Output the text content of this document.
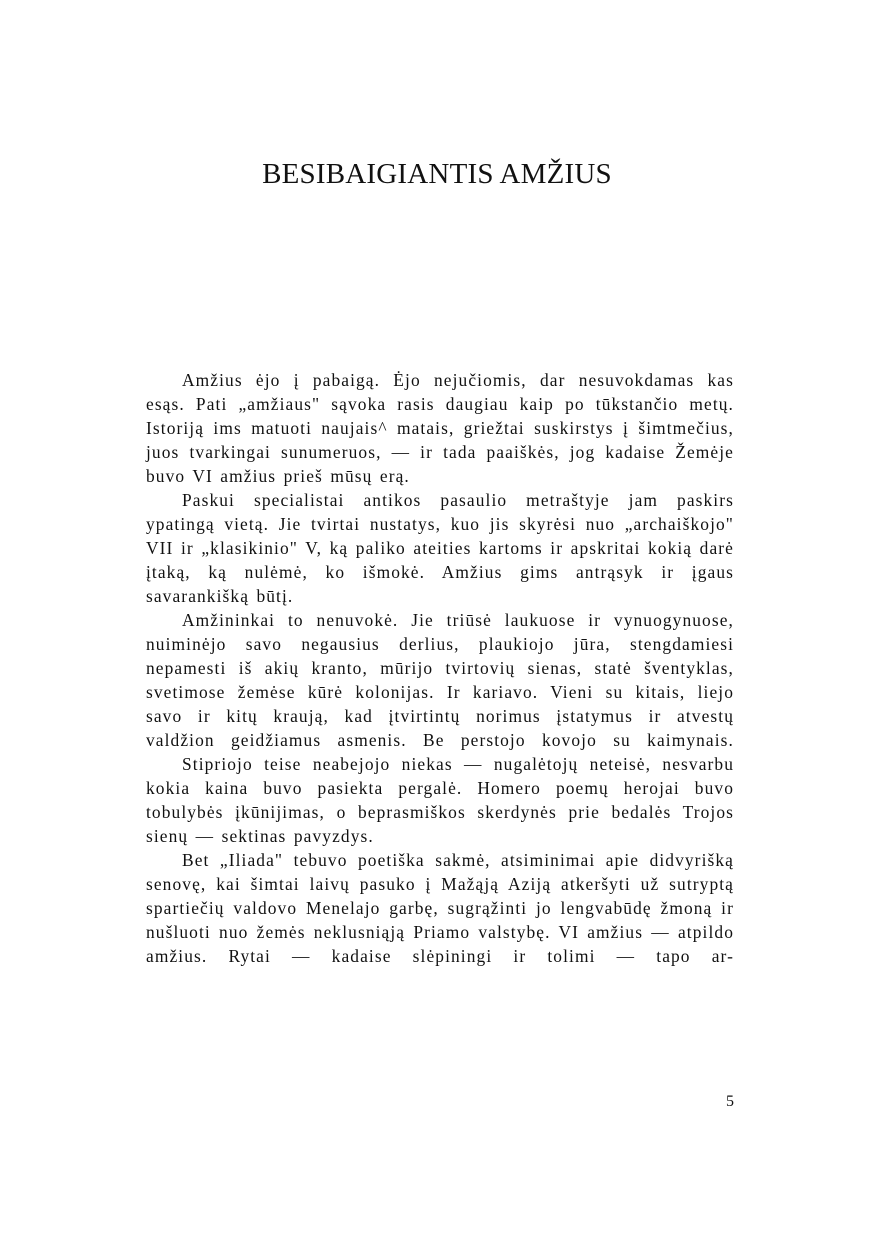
BESIBAIGIANTIS AMŽIUS

Amžius ėjo į pabaigą. Ėjo nejučiomis, dar nesuvokdamas kas esąs. Pati „amžiaus" sąvoka rasis daugiau kaip po tūkstančio metų. Istoriją ims matuoti naujais^ matais, griežtai suskirstys į šimtmečius, juos tvarkingai sunumeruos, — ir tada paaiškės, jog kadaise Žemėje buvo VI amžius prieš mūsų erą.

Paskui specialistai antikos pasaulio metraštyje jam paskirs ypatingą vietą. Jie tvirtai nustatys, kuo jis skyrėsi nuo „archaiškojo" VII ir „klasikinio" V, ką paliko ateities kartoms ir apskritai kokią darė įtaką, ką nulėmė, ko išmokė. Amžius gims antrąsyk ir įgaus savarankišką būtį.

Amžininkai to nenuvokė. Jie triūsė laukuose ir vynuogynuose, nuiminėjo savo negausius derlius, plaukiojo jūra, stengdamiesi nepamesti iš akių kranto, mūrijo tvirtovių sienas, statė šventyklas, svetimose žemėse kūrė kolonijas. Ir kariavo. Vieni su kitais, liejo savo ir kitų kraują, kad įtvirtintų norimus įstatymus ir atvestų valdžion geidžiamus asmenis. Be perstojo kovojo su kaimynais.

Stipriojo teise neabejojo niekas — nugalėtojų neteisė, nesvarbu kokia kaina buvo pasiekta pergalė. Homero poemų herojai buvo tobulybės įkūnijimas, o beprasmiškos skerdynės prie bedalės Trojos sienų — sektinas pavyzdys.

Bet „Iliada" tebuvo poetiška sakmė, atsiminimai apie didvyrišką senovę, kai šimtai laivų pasuko į Mažąją Aziją atkeršyti už sutryptą spartiečių valdovo Menelajo garbę, sugrąžinti jo lengvabūdę žmoną ir nušluoti nuo žemės neklusniąją Priamo valstybę. VI amžius — atpildo amžius. Rytai — kadaise slėpiningi ir tolimi — tapo ar-

5
